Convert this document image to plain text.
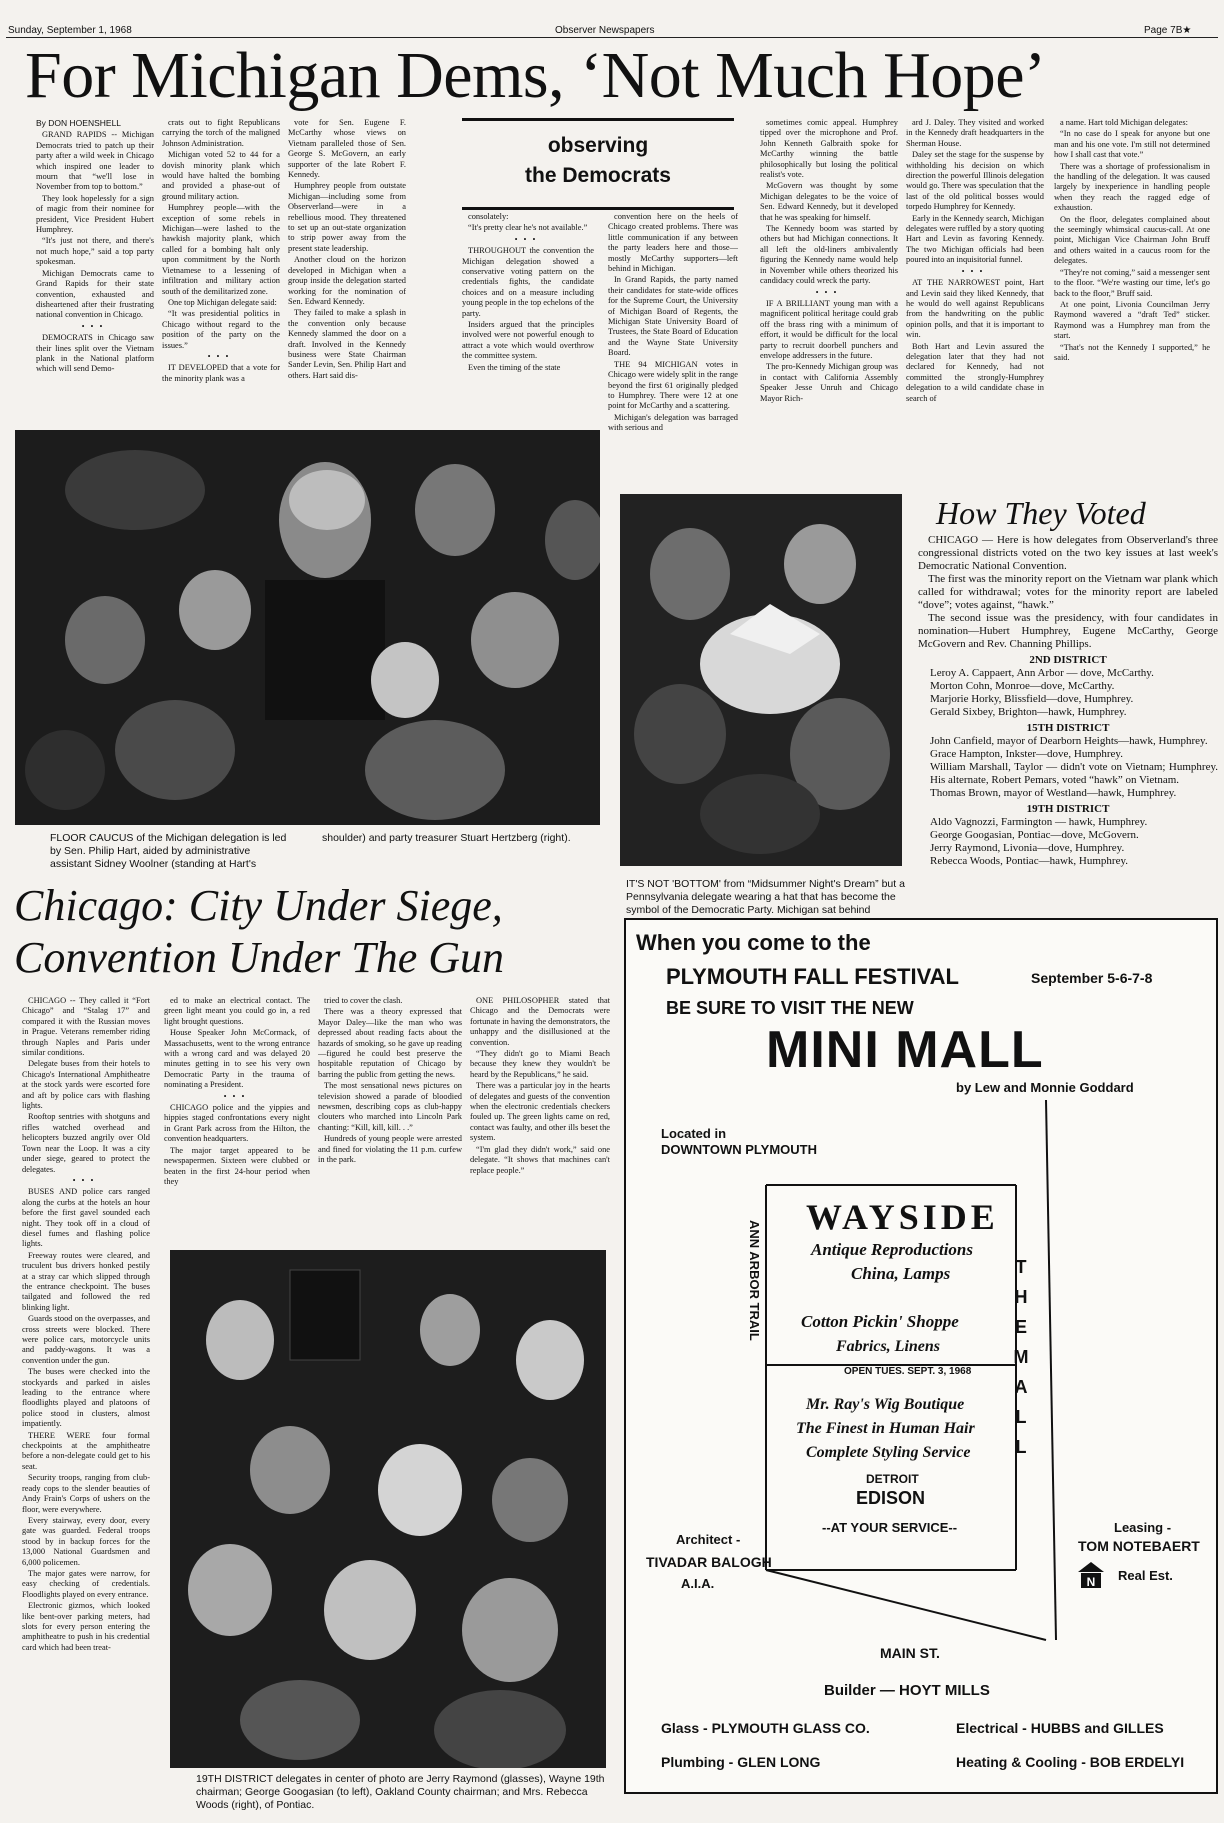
Sunday, September 1, 1968	Observer Newspapers	Page 7B★
For Michigan Dems, ‘Not Much Hope’

By DON HOENSHELL

GRAND RAPIDS -- Michigan Democrats tried to patch up their party after a wild week in Chicago which inspired one leader to mourn that “we'll lose in November from top to bottom.”

They look hopelessly for a sign of magic from their nominee for president, Vice President Hubert Humphrey.

“It's just not there, and there's not much hope,” said a top party spokesman.

Michigan Democrats came to Grand Rapids for their state convention, exhausted and disheartened after their frustrating national convention in Chicago.

•••

DEMOCRATS in Chicago saw their lines split over the Vietnam plank in the National platform which will send Demo-

crats out to fight Republicans carrying the torch of the maligned Johnson Administration.

Michigan voted 52 to 44 for a dovish minority plank which would have halted the bombing and provided a phase-out of ground military action.

Humphrey people—with the exception of some rebels in Michigan—were lashed to the hawkish majority plank, which called for a bombing halt only upon commitment by the North Vietnamese to a lessening of infiltration and military action south of the demilitarized zone.

One top Michigan delegate said:

“It was presidential politics in Chicago without regard to the position of the party on the issues.”

•••

IT DEVELOPED that a vote for the minority plank was a

vote for Sen. Eugene F. McCarthy whose views on Vietnam paralleled those of Sen. George S. McGovern, an early supporter of the late Robert F. Kennedy.

Humphrey people from outstate Michigan—including some from Observerland—were in a rebellious mood. They threatened to set up an out-state organization to strip power away from the present state leadership.

Another cloud on the horizon developed in Michigan when a group inside the delegation started working for the nomination of Sen. Edward Kennedy.

They failed to make a splash in the convention only because Kennedy slammed the door on a draft. Involved in the Kennedy business were State Chairman Sander Levin, Sen. Philip Hart and others. Hart said dis-

observing
the Democrats

consolately:

“It's pretty clear he's not available.”

•••

THROUGHOUT the convention the Michigan delegation showed a conservative voting pattern on the credentials fights, the candidate choices and on a measure including young people in the top echelons of the party.

Insiders argued that the principles involved were not powerful enough to attract a vote which would overthrow the committee system.

Even the timing of the state

convention here on the heels of Chicago created problems. There was little communication if any between the party leaders here and those—mostly McCarthy supporters—left behind in Michigan.

In Grand Rapids, the party named their candidates for state-wide offices for the Supreme Court, the University of Michigan Board of Regents, the Michigan State University Board of Trustees, the State Board of Education and the Wayne State University Board.

THE 94 MICHIGAN votes in Chicago were widely split in the range beyond the first 61 originally pledged to Humphrey. There were 12 at one point for McCarthy and a scattering.

Michigan's delegation was barraged with serious and

sometimes comic appeal. Humphrey tipped over the microphone and Prof. John Kenneth Galbraith spoke for McCarthy winning the battle philosophically but losing the political realist's vote.

McGovern was thought by some Michigan delegates to be the voice of Sen. Edward Kennedy, but it developed that he was speaking for himself.

The Kennedy boom was started by others but had Michigan connections. It all left the old-liners ambivalently figuring the Kennedy name would help in November while others theorized his candidacy could wreck the party.

•••

IF A BRILLIANT young man with a magnificent political heritage could grab off the brass ring with a minimum of effort, it would be difficult for the local party to recruit doorbell punchers and envelope addressers in the future.

The pro-Kennedy Michigan group was in contact with California Assembly Speaker Jesse Unruh and Chicago Mayor Rich-

ard J. Daley. They visited and worked in the Kennedy draft headquarters in the Sherman House.

Daley set the stage for the suspense by withholding his decision on which direction the powerful Illinois delegation would go. There was speculation that the last of the old political bosses would torpedo Humphrey for Kennedy.

Early in the Kennedy search, Michigan delegates were ruffled by a story quoting Hart and Levin as favoring Kennedy. The two Michigan officials had been poured into an inquisitorial funnel.

•••

AT THE NARROWEST point, Hart and Levin said they liked Kennedy, that he would do well against Republicans from the handwriting on the public opinion polls, and that it is important to win.

Both Hart and Levin assured the delegation later that they had not declared for Kennedy, had not committed the strongly-Humphrey delegation to a wild candidate chase in search of

a name. Hart told Michigan delegates:

“In no case do I speak for anyone but one man and his one vote. I'm still not determined how I shall cast that vote.”

There was a shortage of professionalism in the handling of the delegation. It was caused largely by inexperience in handling people when they reach the ragged edge of exhaustion.

On the floor, delegates complained about the seemingly whimsical caucus-call. At one point, Michigan Vice Chairman John Bruff and others waited in a caucus room for the delegates.

“They're not coming,” said a messenger sent to the floor. “We're wasting our time, let's go back to the floor,” Bruff said.

At one point, Livonia Councilman Jerry Raymond wavered a “draft Ted” sticker. Raymond was a Humphrey man from the start.

“That's not the Kennedy I supported,” he said.

FLOOR CAUCUS of the Michigan delegation is led by Sen. Philip Hart, aided by administrative assistant Sidney Woolner (standing at Hart's
shoulder) and party treasurer Stuart Hertzberg (right).
IT'S NOT 'BOTTOM' from “Midsummer Night's Dream” but a Pennsylvania delegate wearing a hat that has become the symbol of the Democratic Party. Michigan sat behind
How They Voted

CHICAGO — Here is how delegates from Observerland's three congressional districts voted on the two key issues at last week's Democratic National Convention.

The first was the minority report on the Vietnam war plank which called for withdrawal; votes for the minority report are labeled “dove”; votes against, “hawk.”

The second issue was the presidency, with four candidates in nomination—Hubert Humphrey, Eugene McCarthy, George McGovern and Rev. Channing Phillips.

2ND DISTRICT
Leroy A. Cappaert, Ann Arbor — dove, McCarthy.
Morton Cohn, Monroe—dove, McCarthy.
Marjorie Horky, Blissfield—dove, Humphrey.
Gerald Sixbey, Brighton—hawk, Humphrey.
15TH DISTRICT
John Canfield, mayor of Dearborn Heights—hawk, Humphrey.
Grace Hampton, Inkster—dove, Humphrey.
William Marshall, Taylor — didn't vote on Vietnam; Humphrey. His alternate, Robert Pemars, voted “hawk” on Vietnam.
Thomas Brown, mayor of Westland—hawk, Humphrey.
19TH DISTRICT
Aldo Vagnozzi, Farmington — hawk, Humphrey.
George Googasian, Pontiac—dove, McGovern.
Jerry Raymond, Livonia—dove, Humphrey.
Rebecca Woods, Pontiac—hawk, Humphrey.
Chicago: City Under Siege,
Convention Under The Gun

CHICAGO -- They called it “Fort Chicago” and “Stalag 17” and compared it with the Russian moves in Prague. Veterans remember riding through Naples and Paris under similar conditions.

Delegate buses from their hotels to Chicago's International Amphitheatre at the stock yards were escorted fore and aft by police cars with flashing lights.

Rooftop sentries with shotguns and rifles watched overhead and helicopters buzzed angrily over Old Town near the Loop. It was a city under siege, geared to protect the delegates.

•••

BUSES AND police cars ranged along the curbs at the hotels an hour before the first gavel sounded each night. They took off in a cloud of diesel fumes and flashing police lights.

Freeway routes were cleared, and truculent bus drivers honked pestily at a stray car which slipped through the entrance checkpoint. The buses tailgated and followed the red blinking light.

Guards stood on the overpasses, and cross streets were blocked. There were police cars, motorcycle units and paddy-wagons. It was a convention under the gun.

The buses were checked into the stockyards and parked in aisles leading to the entrance where floodlights played and platoons of police stood in clusters, almost impatiently.

THERE WERE four formal checkpoints at the amphitheatre before a non-delegate could get to his seat.

Security troops, ranging from club-ready cops to the slender beauties of Andy Frain's Corps of ushers on the floor, were everywhere.

Every stairway, every door, every gate was guarded. Federal troops stood by in backup forces for the 13,000 National Guardsmen and 6,000 policemen.

The major gates were narrow, for easy checking of credentials. Floodlights played on every entrance.

Electronic gizmos, which looked like bent-over parking meters, had slots for every person entering the amphitheatre to push in his credential card which had been treat-

ed to make an electrical contact. The green light meant you could go in, a red light brought questions.

House Speaker John McCormack, of Massachusetts, went to the wrong entrance with a wrong card and was delayed 20 minutes getting in to see his very own Democratic Party in the trauma of nominating a President.

•••

CHICAGO police and the yippies and hippies staged confrontations every night in Grant Park across from the Hilton, the convention headquarters.

The major target appeared to be newspapermen. Sixteen were clubbed or beaten in the first 24-hour period when they

tried to cover the clash.

There was a theory expressed that Mayor Daley—like the man who was depressed about reading facts about the hazards of smoking, so he gave up reading—figured he could best preserve the hospitable reputation of Chicago by barring the public from getting the news.

The most sensational news pictures on television showed a parade of bloodied newsmen, describing cops as club-happy clouters who marched into Lincoln Park chanting: “Kill, kill, kill. . .”

Hundreds of young people were arrested and fined for violating the 11 p.m. curfew in the park.

ONE PHILOSOPHER stated that Chicago and the Democrats were fortunate in having the demonstrators, the unhappy and the disillusioned at the convention.

“They didn't go to Miami Beach because they knew they wouldn't be heard by the Republicans,” he said.

There was a particular joy in the hearts of delegates and guests of the convention when the electronic credentials checkers fouled up. The green lights came on red, contact was faulty, and other ills beset the system.

“I'm glad they didn't work,” said one delegate. “It shows that machines can't replace people.”

19TH DISTRICT delegates in center of photo are Jerry Raymond (glasses), Wayne 19th chairman; George Googasian (to left), Oakland County chairman; and Mrs. Rebecca Woods (right), of Pontiac.
When you come to the
PLYMOUTH FALL FESTIVAL	September 5-6-7-8
BE SURE TO VISIT THE NEW
MINI MALL
by Lew and Monnie Goddard
Located in
DOWNTOWN PLYMOUTH
WAYSIDE
Antique Reproductions
China, Lamps
Cotton Pickin' Shoppe
Fabrics, Linens
OPEN TUES. SEPT. 3, 1968
Mr. Ray's Wig Boutique
The Finest in Human Hair
Complete Styling Service
T
H
E
M
A
L
L
ANN ARBOR TRAIL
DETROIT
EDISON
--AT YOUR SERVICE--
Architect -
TIVADAR BALOGH
A.I.A.
Leasing -
TOM NOTEBAERT
N Real Est.
MAIN ST.
Builder — HOYT MILLS
Glass - PLYMOUTH GLASS CO.	Electrical - HUBBS and GILLES
Plumbing - GLEN LONG	Heating & Cooling - BOB ERDELYI
